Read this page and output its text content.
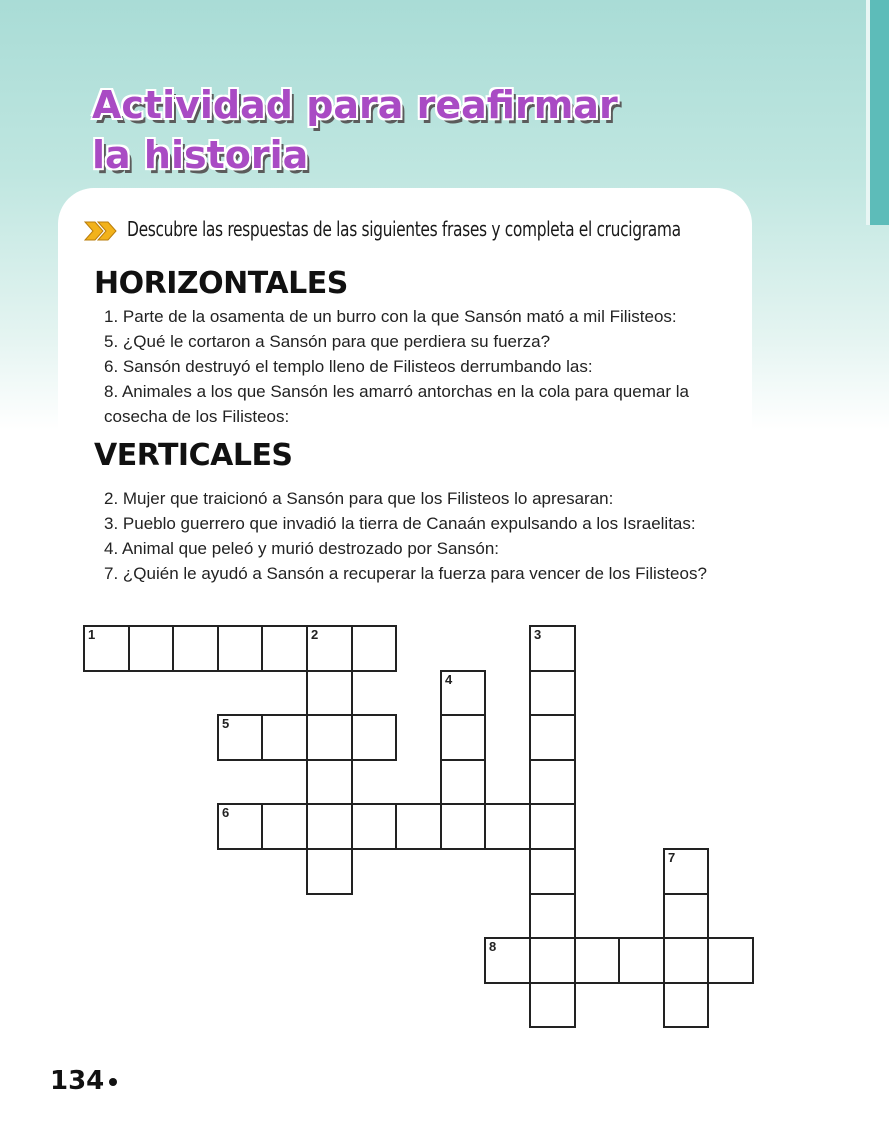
Actividad para reafirmar
la historia
Descubre las respuestas de las siguientes frases y completa el crucigrama
HORIZONTALES
1. Parte de la osamenta de un burro con la que Sansón mató a mil Filisteos:
5. ¿Qué le cortaron a Sansón para que perdiera su fuerza?
6. Sansón destruyó el templo lleno de Filisteos derrumbando las:
8. Animales a los que Sansón les amarró antorchas en la cola para quemar la cosecha de los Filisteos:
VERTICALES
2. Mujer que traicionó a Sansón para que los Filisteos lo apresaran:
3. Pueblo guerrero que invadió la tierra de Canaán expulsando a los Israelitas:
4. Animal que peleó y murió destrozado por Sansón:
7. ¿Quién le ayudó a Sansón a recuperar la fuerza para vencer de los Filisteos?
1	2	3
4
5
6
7
8
134
